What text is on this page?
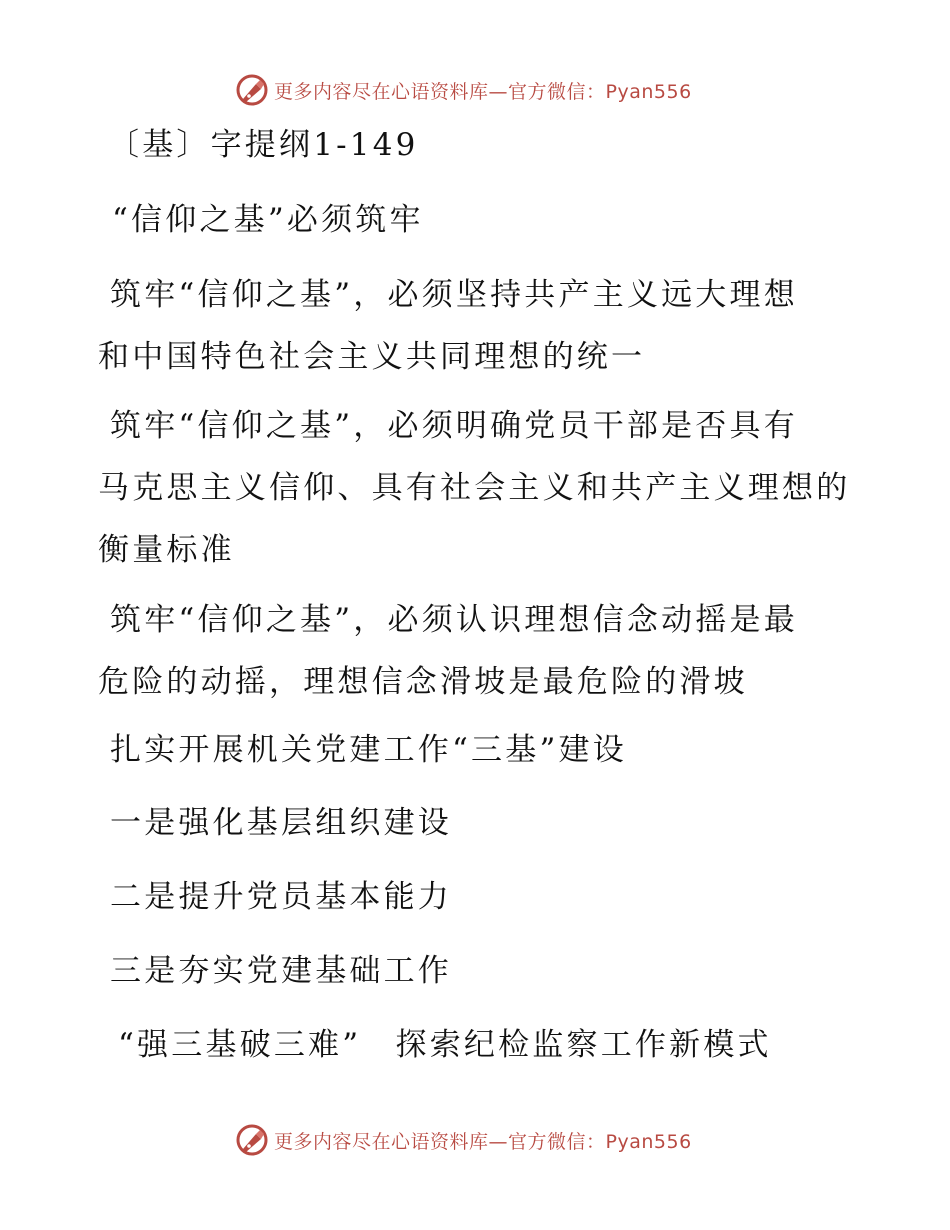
更多内容尽在心语资料库—官方微信：Pyan556

〔基〕字提纲1-149

“信仰之基”必须筑牢

筑牢“信仰之基”，必须坚持共产主义远大理想
和中国特色社会主义共同理想的统一

筑牢“信仰之基”，必须明确党员干部是否具有
马克思主义信仰、具有社会主义和共产主义理想的
衡量标准

筑牢“信仰之基”，必须认识理想信念动摇是最
危险的动摇，理想信念滑坡是最危险的滑坡

扎实开展机关党建工作“三基”建设

一是强化基层组织建设

二是提升党员基本能力

三是夯实党建基础工作

“强三基破三难”　探索纪检监察工作新模式

更多内容尽在心语资料库—官方微信：Pyan556
